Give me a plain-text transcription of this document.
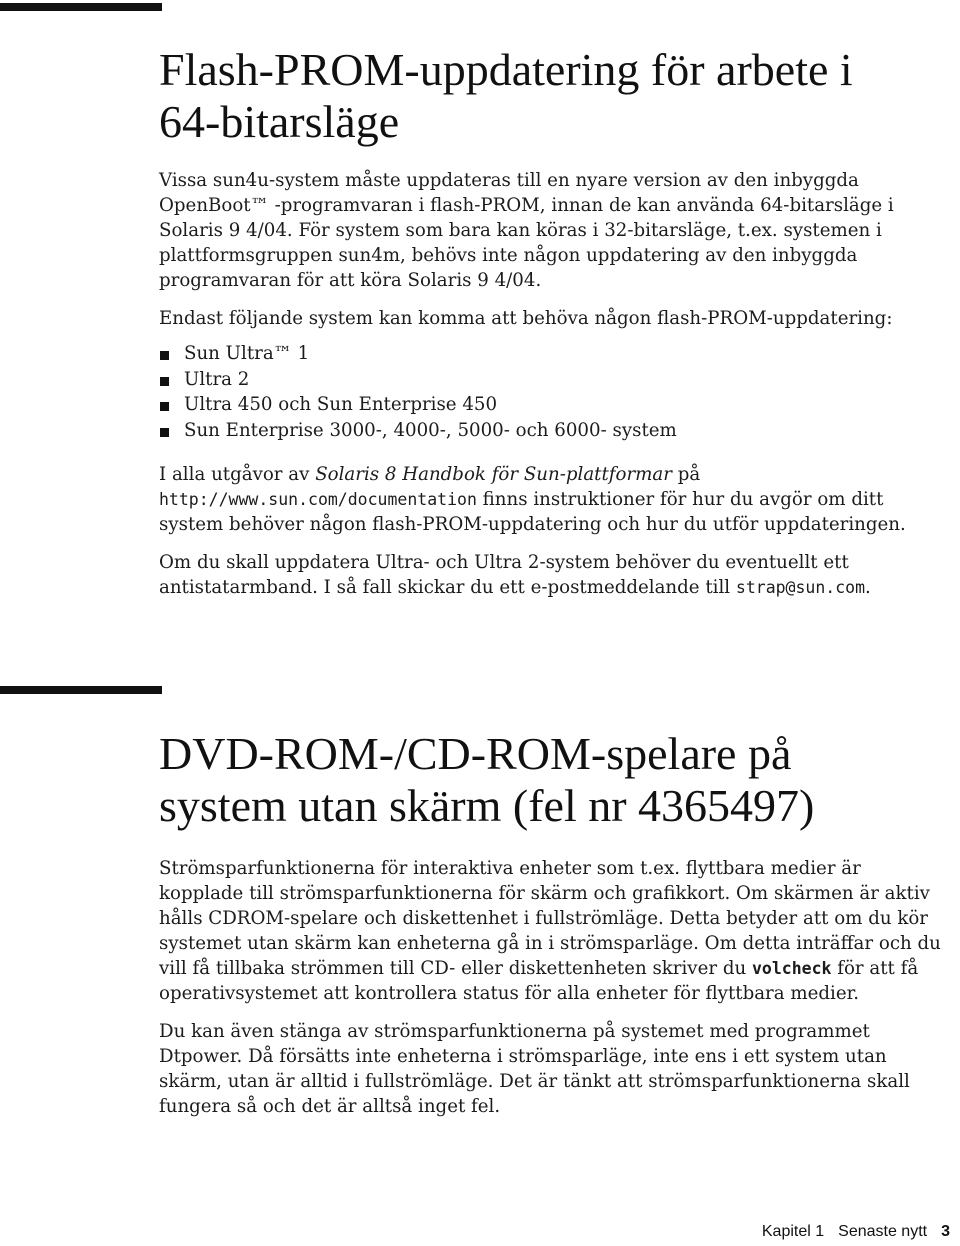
Flash-PROM-uppdatering för arbete i
64-bitarsläge

Vissa sun4u-system måste uppdateras till en nyare version av den inbyggda OpenBoot™ -programvaran i flash-PROM, innan de kan använda 64-bitarsläge i Solaris 9 4/04. För system som bara kan köras i 32-bitarsläge, t.ex. systemen i plattformsgruppen sun4m, behövs inte någon uppdatering av den inbyggda programvaran för att köra Solaris 9 4/04.

Endast följande system kan komma att behöva någon flash-PROM-uppdatering:

Sun Ultra™ 1
Ultra 2
Ultra 450 och Sun Enterprise 450
Sun Enterprise 3000-, 4000-, 5000- och 6000- system

I alla utgåvor av Solaris 8 Handbok för Sun-plattformar på
http://www.sun.com/documentation finns instruktioner för hur du avgör om ditt system behöver någon flash-PROM-uppdatering och hur du utför uppdateringen.

Om du skall uppdatera Ultra- och Ultra 2-system behöver du eventuellt ett antistatarmband. I så fall skickar du ett e-postmeddelande till strap@sun.com.

DVD-ROM-/CD-ROM-spelare på
system utan skärm (fel nr 4365497)

Strömsparfunktionerna för interaktiva enheter som t.ex. flyttbara medier är kopplade till strömsparfunktionerna för skärm och grafikkort. Om skärmen är aktiv hålls CDROM-spelare och diskettenhet i fullströmläge. Detta betyder att om du kör systemet utan skärm kan enheterna gå in i strömsparläge. Om detta inträffar och du vill få tillbaka strömmen till CD- eller diskettenheten skriver du volcheck för att få operativsystemet att kontrollera status för alla enheter för flyttbara medier.

Du kan även stänga av strömsparfunktionerna på systemet med programmet Dtpower. Då försätts inte enheterna i strömsparläge, inte ens i ett system utan skärm, utan är alltid i fullströmläge. Det är tänkt att strömsparfunktionerna skall fungera så och det är alltså inget fel.

Kapitel 1 Senaste nytt 3
